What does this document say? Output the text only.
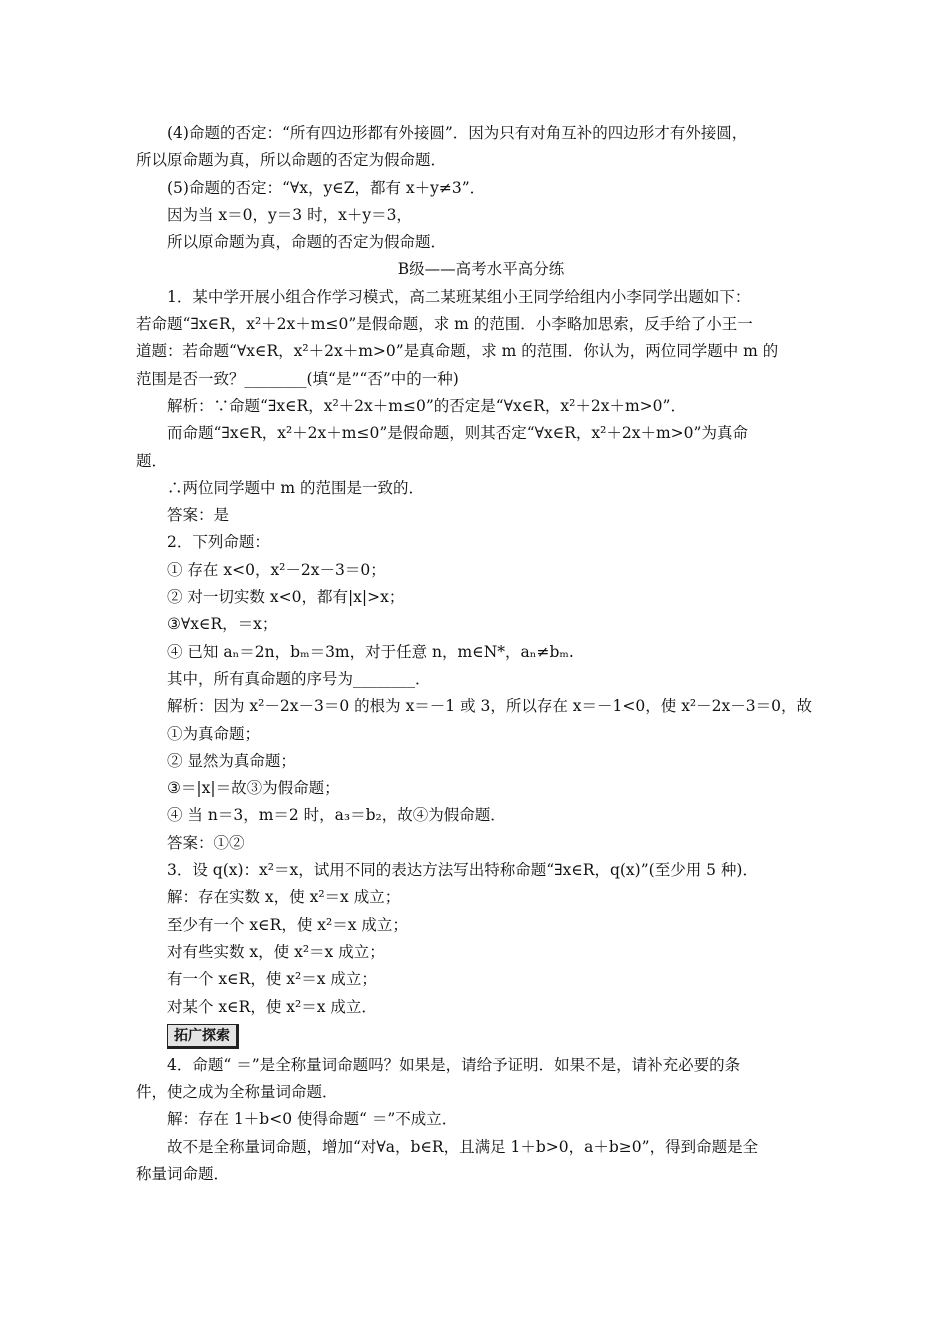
(4)命题的否定：“所有四边形都有外接圆”．因为只有对角互补的四边形才有外接圆，
所以原命题为真，所以命题的否定为假命题．
(5)命题的否定：“∀x，y∈Z，都有 x＋y≠3”．
因为当 x＝0，y＝3 时，x＋y＝3，
所以原命题为真，命题的否定为假命题．
B级——高考水平高分练
1．某中学开展小组合作学习模式，高二某班某组小王同学给组内小李同学出题如下：
若命题“∃x∈R，x²＋2x＋m≤0”是假命题，求 m 的范围．小李略加思索，反手给了小王一
道题：若命题“∀x∈R，x²＋2x＋m>0”是真命题，求 m 的范围．你认为，两位同学题中 m 的
范围是否一致？________(填“是”“否”中的一种)
解析：∵命题“∃x∈R，x²＋2x＋m≤0”的否定是“∀x∈R，x²＋2x＋m>0”．
而命题“∃x∈R，x²＋2x＋m≤0”是假命题，则其否定“∀x∈R，x²＋2x＋m>0”为真命
题．
∴两位同学题中 m 的范围是一致的．
答案：是
2．下列命题：
① 存在 x<0，x²－2x－3＝0；
② 对一切实数 x<0，都有|x|>x；
③∀x∈R，＝x；
④ 已知 aₙ＝2n，bₘ＝3m，对于任意 n，m∈N*，aₙ≠bₘ.
其中，所有真命题的序号为________．
解析：因为 x²－2x－3＝0 的根为 x＝－1 或 3，所以存在 x＝－1<0，使 x²－2x－3＝0，故
①为真命题；
② 显然为真命题；
③＝|x|＝故③为假命题；
④ 当 n＝3，m＝2 时，a₃＝b₂，故④为假命题．
答案：①②
3．设 q(x)：x²＝x，试用不同的表达方法写出特称命题“∃x∈R，q(x)”(至少用 5 种)．
解：存在实数 x，使 x²＝x 成立；
至少有一个 x∈R，使 x²＝x 成立；
对有些实数 x，使 x²＝x 成立；
有一个 x∈R，使 x²＝x 成立；
对某个 x∈R，使 x²＝x 成立．
拓广探索
4．命题“ ＝”是全称量词命题吗？如果是，请给予证明．如果不是，请补充必要的条
件，使之成为全称量词命题．
解：存在 1＋b<0 使得命题“ ＝”不成立．
故不是全称量词命题，增加“对∀a，b∈R，且满足 1＋b>0，a＋b≥0”，得到命题是全
称量词命题．
